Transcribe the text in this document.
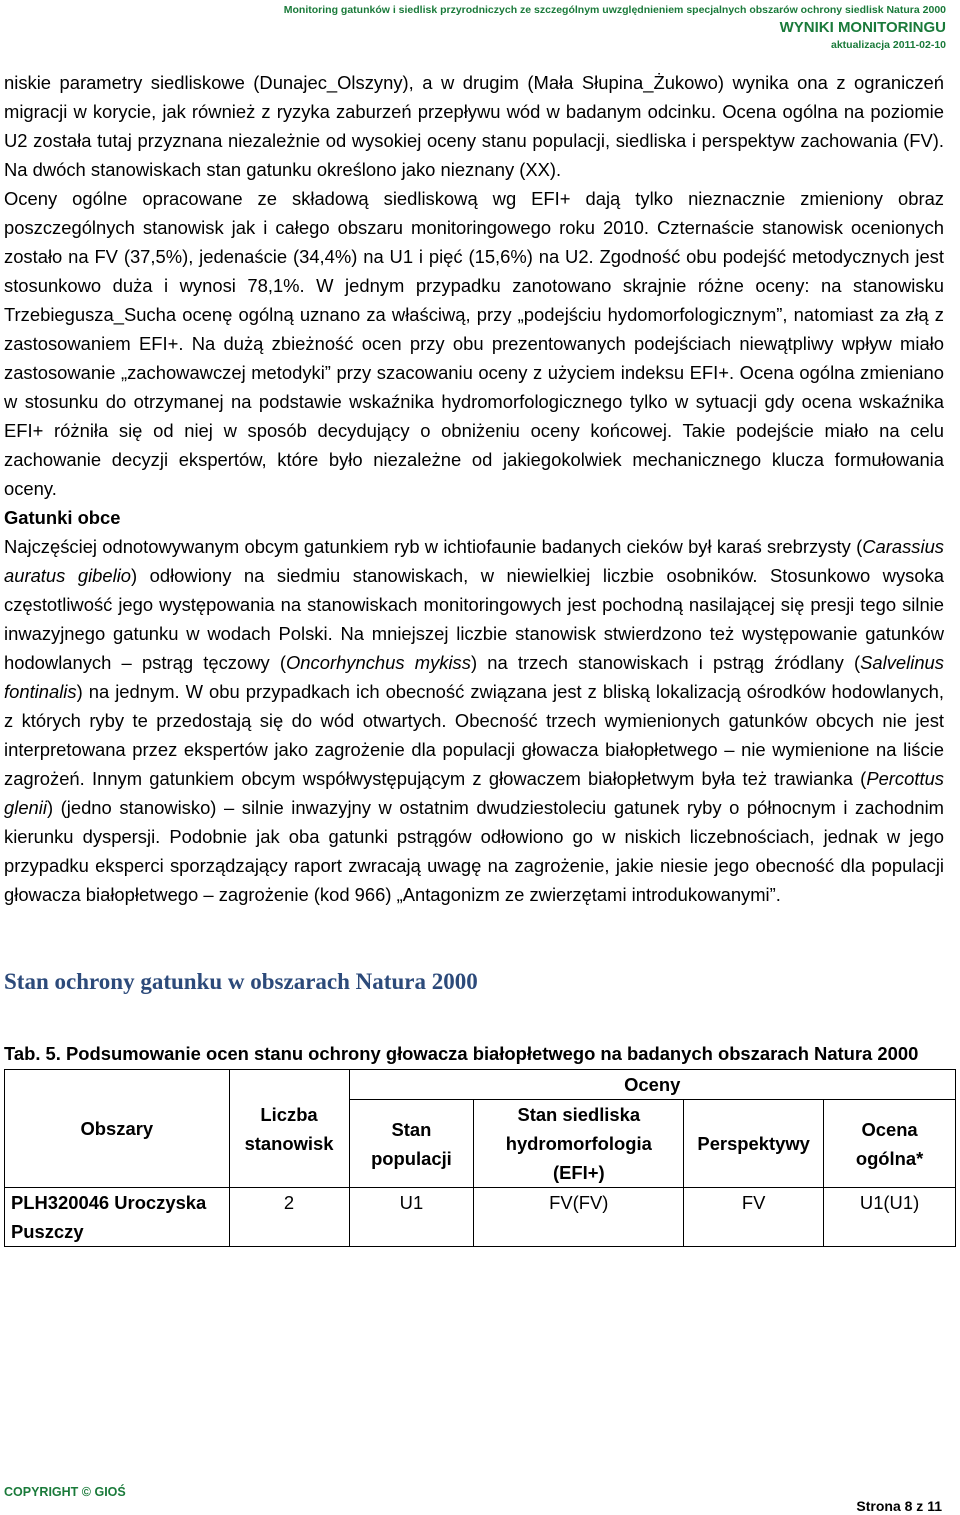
Monitoring gatunków i siedlisk przyrodniczych ze szczególnym uwzględnieniem specjalnych obszarów ochrony siedlisk Natura 2000
WYNIKI MONITORINGU
aktualizacja 2011-02-10

niskie parametry siedliskowe (Dunajec_Olszyny), a w drugim (Mała Słupina_Żukowo) wynika ona z ograniczeń migracji w korycie, jak również z ryzyka zaburzeń przepływu wód w badanym odcinku. Ocena ogólna na poziomie U2 została tutaj przyznana niezależnie od wysokiej oceny stanu populacji, siedliska i perspektyw zachowania (FV). Na dwóch stanowiskach stan gatunku określono jako nieznany (XX).

Oceny ogólne opracowane ze składową siedliskową wg EFI+ dają tylko nieznacznie zmieniony obraz poszczególnych stanowisk jak i całego obszaru monitoringowego roku 2010. Czternaście stanowisk ocenionych zostało na FV (37,5%), jedenaście (34,4%) na U1 i pięć (15,6%) na U2. Zgodność obu podejść metodycznych jest stosunkowo duża i wynosi 78,1%. W jednym przypadku zanotowano skrajnie różne oceny: na stanowisku Trzebiegusza_Sucha ocenę ogólną uznano za właściwą, przy „podejściu hydomorfologicznym”, natomiast za złą z zastosowaniem EFI+. Na dużą zbieżność ocen przy obu prezentowanych podejściach niewątpliwy wpływ miało zastosowanie „zachowawczej metodyki” przy szacowaniu oceny z użyciem indeksu EFI+. Ocena ogólna zmieniano w stosunku do otrzymanej na podstawie wskaźnika hydromorfologicznego tylko w sytuacji gdy ocena wskaźnika EFI+ różniła się od niej w sposób decydujący o obniżeniu oceny końcowej. Takie podejście miało na celu zachowanie decyzji ekspertów, które było niezależne od jakiegokolwiek mechanicznego klucza formułowania oceny.

Gatunki obce

Najczęściej odnotowywanym obcym gatunkiem ryb w ichtiofaunie badanych cieków był karaś srebrzysty (Carassius auratus gibelio) odłowiony na siedmiu stanowiskach, w niewielkiej liczbie osobników. Stosunkowo wysoka częstotliwość jego występowania na stanowiskach monitoringowych jest pochodną nasilającej się presji tego silnie inwazyjnego gatunku w wodach Polski. Na mniejszej liczbie stanowisk stwierdzono też występowanie gatunków hodowlanych – pstrąg tęczowy (Oncorhynchus mykiss) na trzech stanowiskach i pstrąg źródlany (Salvelinus fontinalis) na jednym. W obu przypadkach ich obecność związana jest z bliską lokalizacją ośrodków hodowlanych, z których ryby te przedostają się do wód otwartych. Obecność trzech wymienionych gatunków obcych nie jest interpretowana przez ekspertów jako zagrożenie dla populacji głowacza białopłetwego – nie wymienione na liście zagrożeń. Innym gatunkiem obcym współwystępującym z głowaczem białopłetwym była też trawianka (Percottus glenii) (jedno stanowisko) – silnie inwazyjny w ostatnim dwudziestoleciu gatunek ryby o północnym i zachodnim kierunku dyspersji. Podobnie jak oba gatunki pstrągów odłowiono go w niskich liczebnościach, jednak w jego przypadku eksperci sporządzający raport zwracają uwagę na zagrożenie, jakie niesie jego obecność dla populacji głowacza białopłetwego – zagrożenie (kod 966) „Antagonizm ze zwierzętami introdukowanymi”.

Stan ochrony gatunku w obszarach Natura 2000
Tab. 5. Podsumowanie ocen stanu ochrony głowacza białopłetwego na badanych obszarach Natura 2000
Obszary	Liczba stanowisk	Oceny			
		Stan populacji	Stan siedliska hydromorfologia (EFI+)	Perspektywy	Ocena ogólna*
PLH320046 Uroczyska Puszczy	2	U1	FV(FV)	FV	U1(U1)
COPYRIGHT © GIOŚ
Strona 8 z 11
